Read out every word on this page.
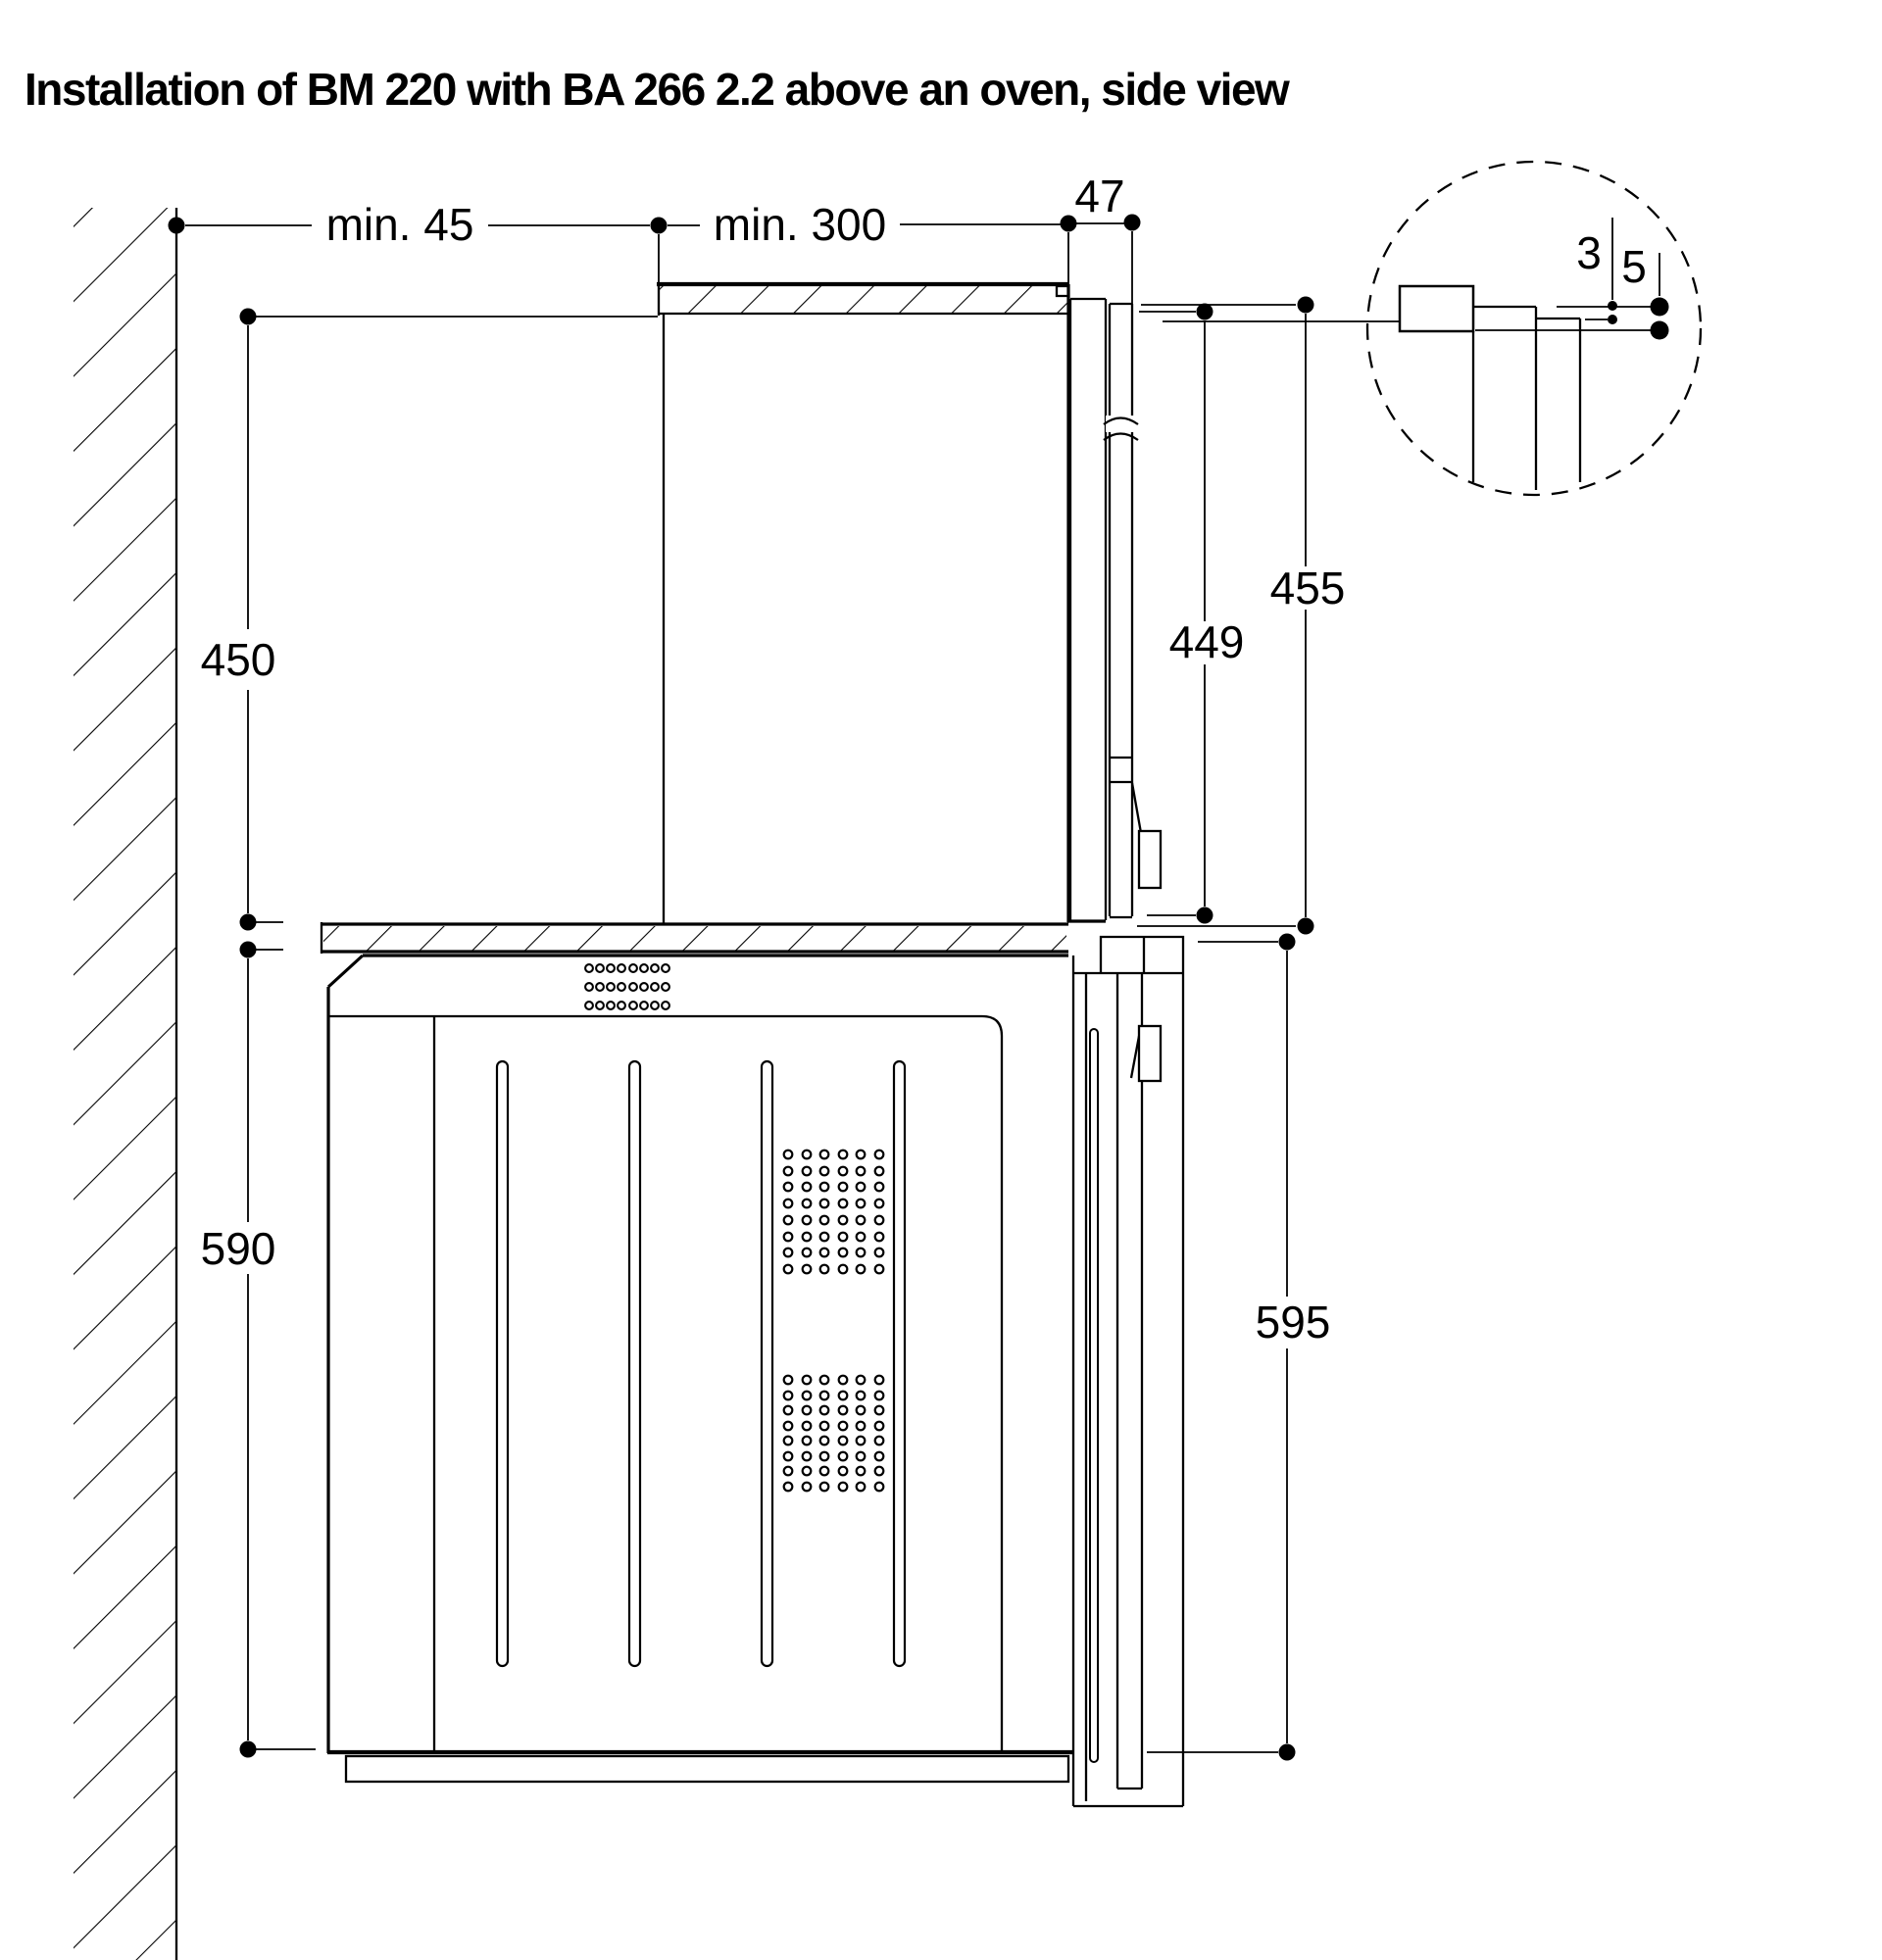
Installation of BM 220 with BA 266 2.2 above an oven, side view
min. 45	min. 300
47
450	449
455
590
595
3 5
